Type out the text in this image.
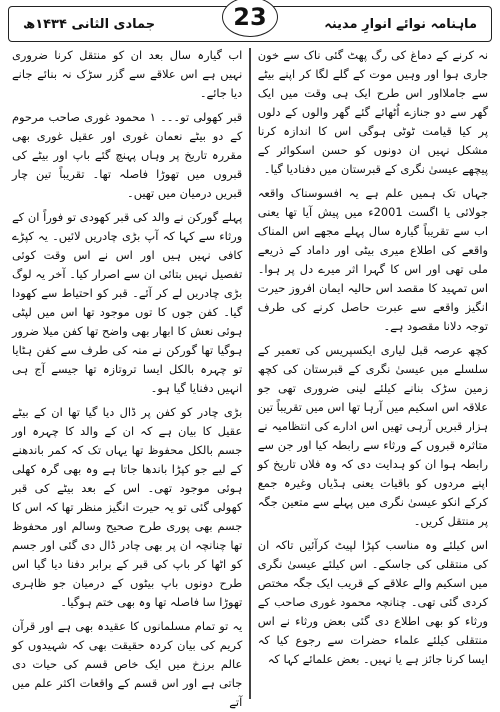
ماہنامہ نوائے انوارِ مدینہ
جمادی الثانی ۱۴۳۴ھ	23

نہ کرنے کے دماغ کی رگ پھٹ گئی ناک سے خون جاری ہوا اور وہیں موت کے گلے لگا کر اپنے بیٹے سے جاملااور اس طرح ایک ہی وقت میں ایک گھر سے دو جنازے اُٹھائے گئے گھر والوں کے دلوں پر کیا قیامت ٹوٹی ہوگی اس کا اندازہ کرنا مشکل نہیں ان دونوں کو حسن اسکوائر کے پیچھے عیسیٰ نگری کے قبرستان میں دفنادیا گیا۔

جہاں تک ہمیں علم ہے یہ افسوسناک واقعہ جولائی یا اگست 2001ء میں پیش آیا تھا یعنی اب سے تقریباً گیارہ سال پہلے مجھے اس المناک واقعے کی اطلاع میری بیٹی اور داماد کے ذریعے ملی تھی اور اس کا گہرا اثر میرے دل پر ہوا۔ اس تمہید کا مقصد اس حالیہ ایمان افروز حیرت انگیز واقعے سے عبرت حاصل کرنے کی طرف توجہ دلانا مقصود ہے۔

کچھ عرصہ قبل لیاری ایکسپریس کی تعمیر کے سلسلے میں عیسیٰ نگری کے قبرستان کی کچھ زمین سڑک بنانے کیلئے لینی ضروری تھی جو علاقہ اس اسکیم میں آرہا تھا اس میں تقریباً تین ہزار قبریں آرہی تھیں اس ادارے کی انتظامیہ نے متاثرہ قبروں کے ورثاء سے رابطہ کیا اور جن سے رابطہ ہوا ان کو ہدایت دی کہ وہ فلاں تاریخ کو اپنے مردوں کو باقیات یعنی ہڈیاں وغیرہ جمع کرکے انکو عیسیٰ نگری میں پہلے سے متعین جگہ پر منتقل کریں۔

اس کیلئے وہ مناسب کپڑا لپیٹ کرآئیں تاکہ ان کی منتقلی کی جاسکے۔ اس کیلئے عیسیٰ نگری میں اسکیم والے علاقے کے قریب ایک جگہ مختص کردی گئی تھی۔ چنانچہ محمود غوری صاحب کے ورثاء کو بھی اطلاع دی گئی بعض ورثاء نے اس منتقلی کیلئے علماء حضرات سے رجوع کیا کہ ایسا کرنا جائز ہے یا نہیں۔ بعض علمائے کہا کہ

اب گیارہ سال بعد ان کو منتقل کرنا ضروری نہیں ہے اس علاقے سے گزر سڑک نہ بنائے جانے دیا جائے۔

قبر کھولی تو۔۔۔ ۱ محمود غوری صاحب مرحوم کے دو بیٹے نعمان غوری اور عقیل غوری بھی مقررہ تاریخ پر وہاں پہنچ گئے باپ اور بیٹے کی قبروں میں تھوڑا فاصلہ تھا۔ تقریباً تین چار قبریں درمیان میں تھیں۔

پہلے گورکن نے والد کی قبر کھودی تو فوراً ان کے ورثاء سے کہا کہ آپ بڑی چادریں لائیں۔ یہ کپڑے کافی نہیں ہیں اور اس نے اس وقت کوئی تفصیل نہیں بتائی ان سے اصرار کیا۔ آخر یہ لوگ بڑی چادریں لے کر آئے۔ قبر کو احتیاط سے کھودا گیا۔ کفن جوں کا توں موجود تھا اس میں لپٹی ہوئی نعش کا ابھار بھی واضح تھا کفن میلا ضرور ہوگیا تھا گورکن نے منہ کی طرف سے کفن ہٹایا تو چہرہ بالکل ایسا تروتازہ تھا جیسے آج ہی انہیں دفنایا گیا ہو۔

بڑی چادر کو کفن پر ڈال دیا گیا تھا ان کے بیٹے عقیل کا بیان ہے کہ ان کے والد کا چہرہ اور جسم بالکل محفوظ تھا یہاں تک کہ کمر باندھنے کے لیے جو کپڑا باندھا جاتا ہے وہ بھی گرہ کھلی ہوئی موجود تھی۔ اس کے بعد بیٹے کی قبر کھولی گئی تو یہ حیرت انگیز منظر تھا کہ اس کا جسم بھی پوری طرح صحیح وسالم اور محفوظ تھا چنانچہ ان پر بھی چادر ڈال دی گئی اور جسم کو اٹھا کر باپ کی قبر کے برابر دفنا دیا گیا اس طرح دونوں باپ بیٹوں کے درمیان جو ظاہری تھوڑا سا فاصلہ تھا وہ بھی ختم ہوگیا۔

یہ تو تمام مسلمانوں کا عقیدہ بھی ہے اور قرآن کریم کی بیان کردہ حقیقت بھی کہ شہیدوں کو عالم برزخ میں ایک خاص قسم کی حیات دی جاتی ہے اور اس قسم کے واقعات اکثر علم میں آتے
